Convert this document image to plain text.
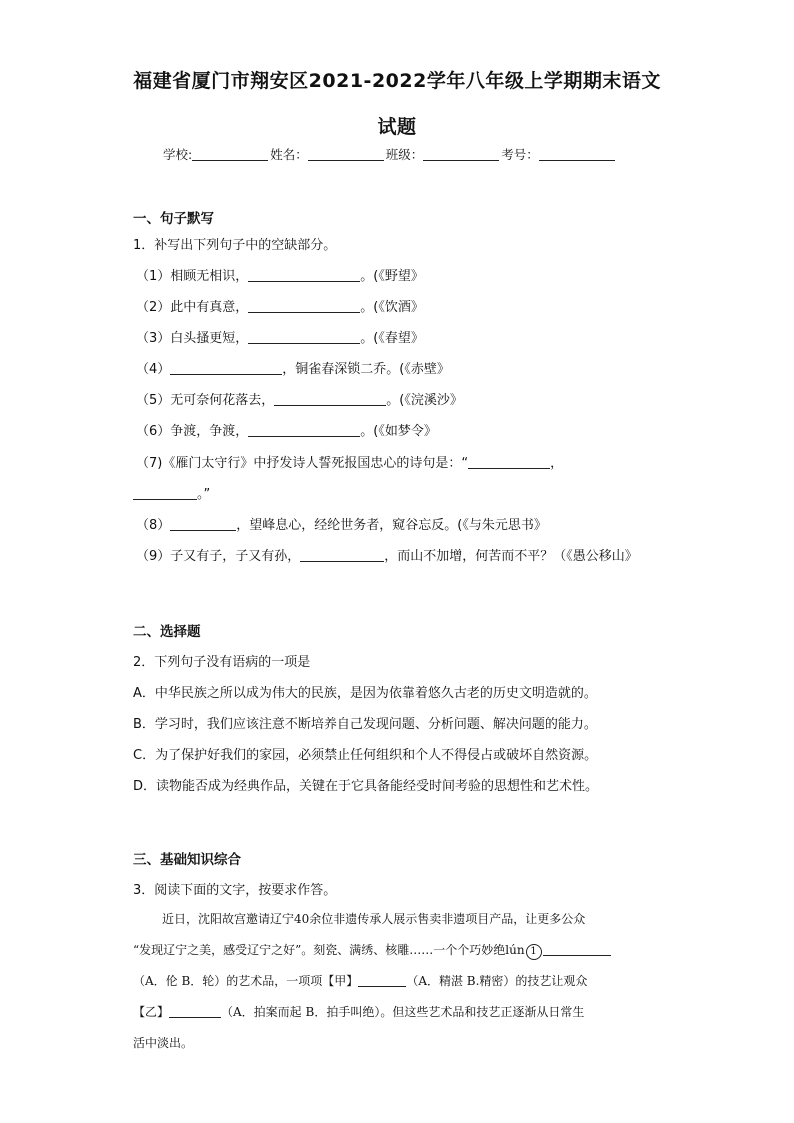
福建省厦门市翔安区2021-2022学年八年级上学期期末语文
试题
学校:	姓名：	班级：	考号：
一、句子默写
1．补写出下列句子中的空缺部分。
（1）相顾无相识，	。(《野望》
（2）此中有真意，	。(《饮酒》
（3）白头搔更短，	。(《春望》
（4）	，铜雀春深锁二乔。(《赤壁》
（5）无可奈何花落去，	。(《浣溪沙》
（6）争渡，争渡，	。(《如梦令》
（7)《雁门太守行》中抒发诗人誓死报国忠心的诗句是：“	，
。”
（8）	，望峰息心，经纶世务者，窥谷忘反。(《与朱元思书》
（9）子又有子，子又有孙，	，而山不加增，何苦而不平？（《愚公移山》
二、选择题
2．下列句子没有语病的一项是
A．中华民族之所以成为伟大的民族，是因为依靠着悠久古老的历史文明造就的。
B．学习时，我们应该注意不断培养自己发现问题、分析问题、解决问题的能力。
C．为了保护好我们的家园，必须禁止任何组织和个人不得侵占或破坏自然资源。
D．读物能否成为经典作品，关键在于它具备能经受时间考验的思想性和艺术性。
三、基础知识综合
3．阅读下面的文字，按要求作答。
近日，沈阳故宫邀请辽宁40余位非遗传承人展示售卖非遗项目产品，让更多公众
“发现辽宁之美，感受辽宁之好”。刻瓷、满绣、核雕……一个个巧妙绝lún 1
（A．伦 B．轮）的艺术品，一项项【甲】	（A．精湛 B.精密）的技艺让观众
【乙】	（A．拍案而起 B．拍手叫绝）。但这些艺术品和技艺正逐渐从日常生
活中淡出。
